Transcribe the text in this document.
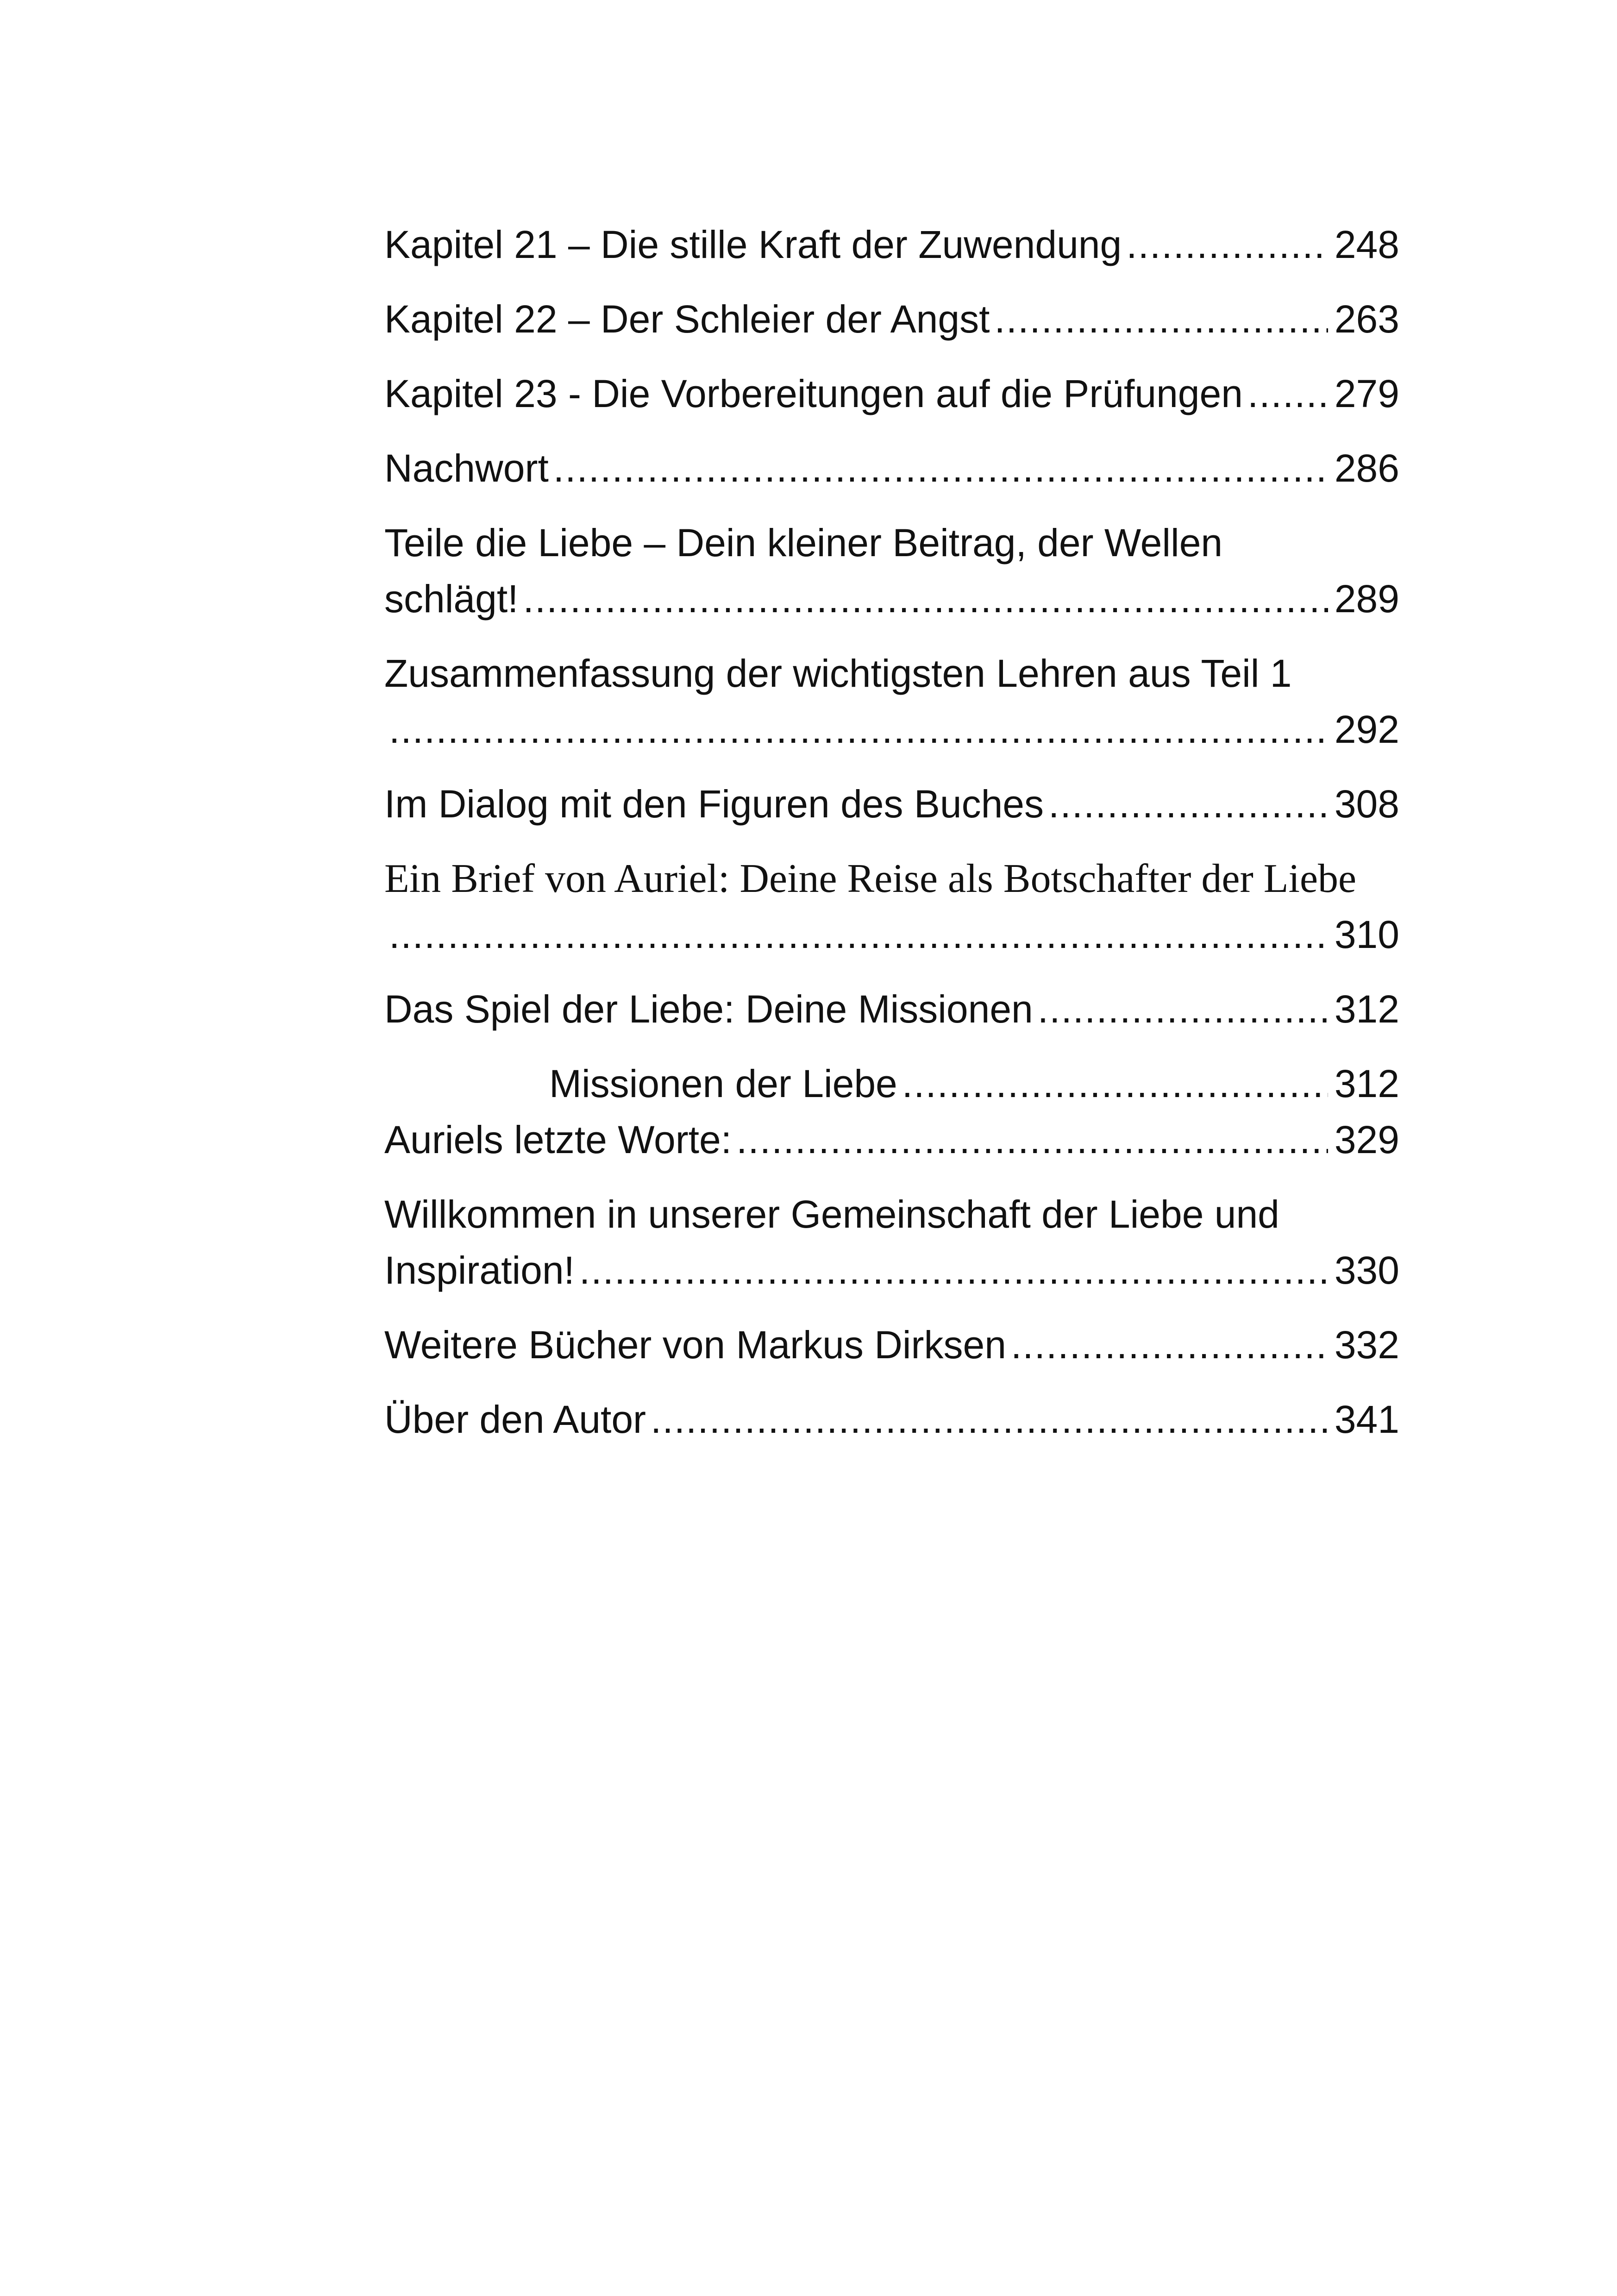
Kapitel 21 – Die stille Kraft der Zuwendung .....	248
Kapitel 22 – Der Schleier der Angst .....	263
Kapitel 23 - Die Vorbereitungen auf die Prüfungen ..... 279
Nachwort .....	286
Teile die Liebe – Dein kleiner Beitrag, der Wellen
schlägt! .....	289
Zusammenfassung der wichtigsten Lehren aus Teil 1
.....
292
Im Dialog mit den Figuren des Buches .....	308
Ein Brief von Auriel: Deine Reise als Botschafter der Liebe
.....
310
Das Spiel der Liebe: Deine Missionen .....	312
Missionen der Liebe .....	312
Auriels letzte Worte: .....	329
Willkommen in unserer Gemeinschaft der Liebe und
Inspiration! .....	330
Weitere Bücher von Markus Dirksen .....	332
Über den Autor .....	341
